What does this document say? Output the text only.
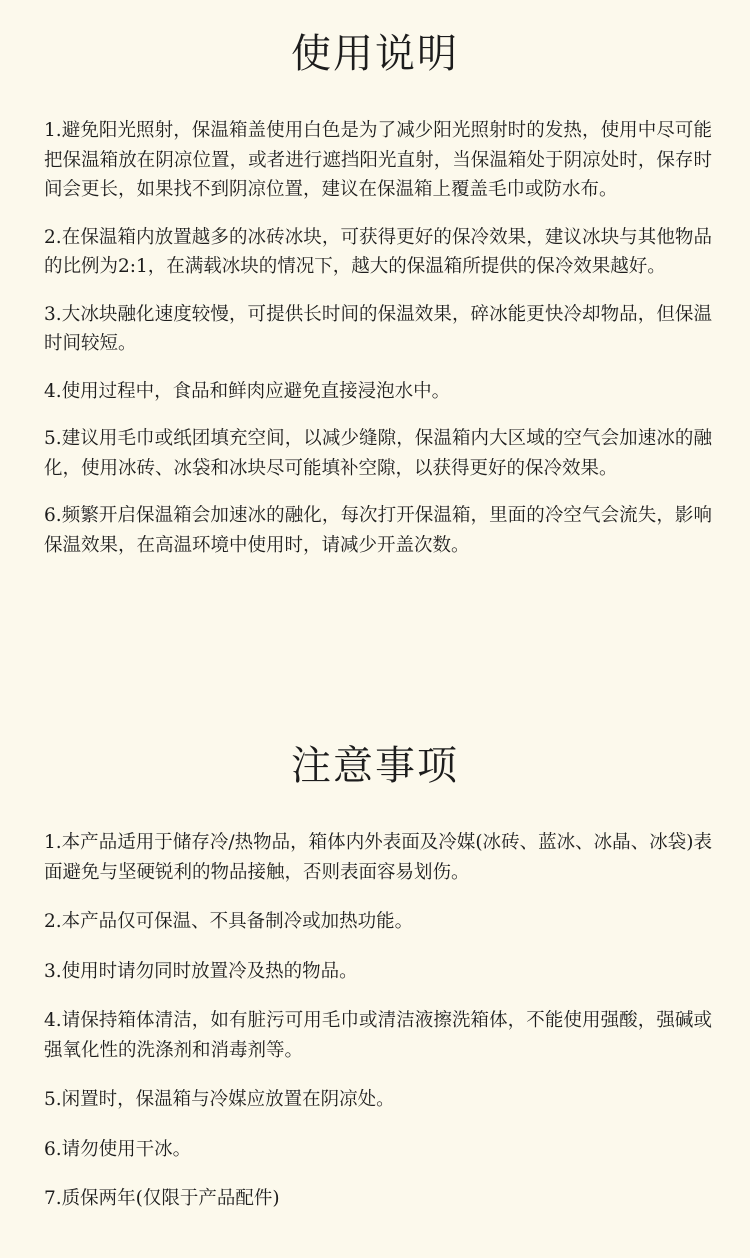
使用说明

1.避免阳光照射，保温箱盖使用白色是为了减少阳光照射时的发热，使用中尽可能把保温箱放在阴凉位置，或者进行遮挡阳光直射，当保温箱处于阴凉处时，保存时间会更长，如果找不到阴凉位置，建议在保温箱上覆盖毛巾或防水布。

2.在保温箱内放置越多的冰砖冰块，可获得更好的保冷效果，建议冰块与其他物品的比例为2:1，在满载冰块的情况下，越大的保温箱所提供的保冷效果越好。

3.大冰块融化速度较慢，可提供长时间的保温效果，碎冰能更快冷却物品，但保温时间较短。

4.使用过程中，食品和鲜肉应避免直接浸泡水中。

5.建议用毛巾或纸团填充空间，以减少缝隙，保温箱内大区域的空气会加速冰的融化，使用冰砖、冰袋和冰块尽可能填补空隙，以获得更好的保冷效果。

6.频繁开启保温箱会加速冰的融化，每次打开保温箱，里面的冷空气会流失，影响保温效果，在高温环境中使用时，请减少开盖次数。

注意事项

1.本产品适用于储存冷/热物品，箱体内外表面及冷媒(冰砖、蓝冰、冰晶、冰袋)表面避免与坚硬锐利的物品接触，否则表面容易划伤。

2.本产品仅可保温、不具备制冷或加热功能。

3.使用时请勿同时放置冷及热的物品。

4.请保持箱体清洁，如有脏污可用毛巾或清洁液擦洗箱体，不能使用强酸，强碱或强氧化性的洗涤剂和消毒剂等。

5.闲置时，保温箱与冷媒应放置在阴凉处。

6.请勿使用干冰。

7.质保两年(仅限于产品配件)
